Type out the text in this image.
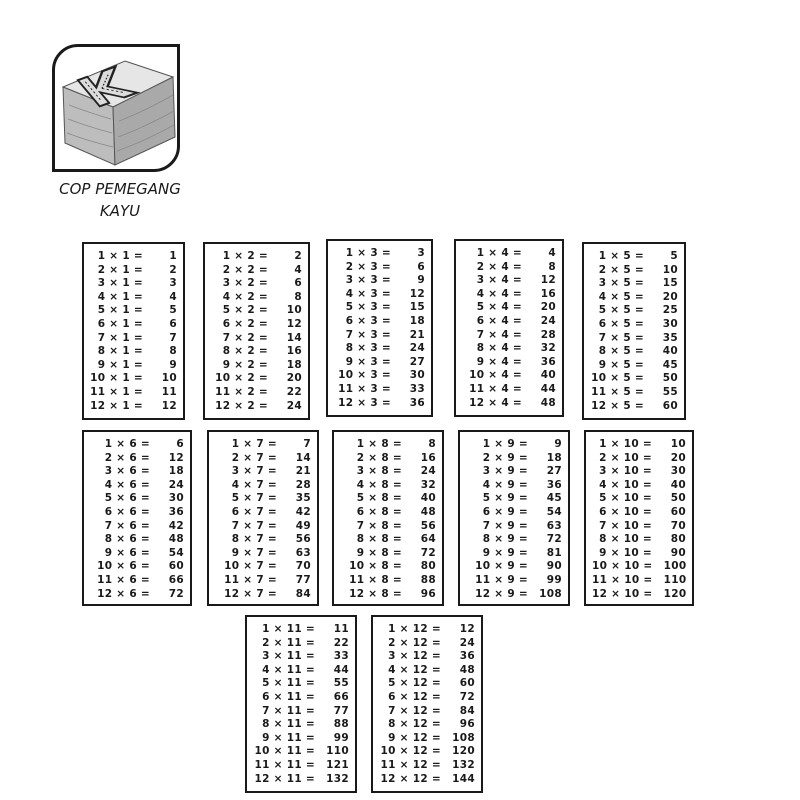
K
COP PEMEGANG
KAYU
1 × 1 =	1
2 × 1 =	2
3 × 1 =	3
4 × 1 =	4
5 × 1 =	5
6 × 1 =	6
7 × 1 =	7
8 × 1 =	8
9 × 1 =	9
10 × 1 =	10
11 × 1 =	11
12 × 1 =	12
1 × 2 =	2
2 × 2 =	4
3 × 2 =	6
4 × 2 =	8
5 × 2 =	10
6 × 2 =	12
7 × 2 =	14
8 × 2 =	16
9 × 2 =	18
10 × 2 =	20
11 × 2 =	22
12 × 2 =	24
1 × 3 =	3
2 × 3 =	6
3 × 3 =	9
4 × 3 =	12
5 × 3 =	15
6 × 3 =	18
7 × 3 =	21
8 × 3 =	24
9 × 3 =	27
10 × 3 =	30
11 × 3 =	33
12 × 3 =	36
1 × 4 =	4
2 × 4 =	8
3 × 4 =	12
4 × 4 =	16
5 × 4 =	20
6 × 4 =	24
7 × 4 =	28
8 × 4 =	32
9 × 4 =	36
10 × 4 =	40
11 × 4 =	44
12 × 4 =	48
1 × 5 =	5
2 × 5 =	10
3 × 5 =	15
4 × 5 =	20
5 × 5 =	25
6 × 5 =	30
7 × 5 =	35
8 × 5 =	40
9 × 5 =	45
10 × 5 =	50
11 × 5 =	55
12 × 5 =	60
1 × 6 =	6
2 × 6 =	12
3 × 6 =	18
4 × 6 =	24
5 × 6 =	30
6 × 6 =	36
7 × 6 =	42
8 × 6 =	48
9 × 6 =	54
10 × 6 =	60
11 × 6 =	66
12 × 6 =	72
1 × 7 =	7
2 × 7 =	14
3 × 7 =	21
4 × 7 =	28
5 × 7 =	35
6 × 7 =	42
7 × 7 =	49
8 × 7 =	56
9 × 7 =	63
10 × 7 =	70
11 × 7 =	77
12 × 7 =	84
1 × 8 =	8
2 × 8 =	16
3 × 8 =	24
4 × 8 =	32
5 × 8 =	40
6 × 8 =	48
7 × 8 =	56
8 × 8 =	64
9 × 8 =	72
10 × 8 =	80
11 × 8 =	88
12 × 8 =	96
1 × 9 =	9
2 × 9 =	18
3 × 9 =	27
4 × 9 =	36
5 × 9 =	45
6 × 9 =	54
7 × 9 =	63
8 × 9 =	72
9 × 9 =	81
10 × 9 =	90
11 × 9 =	99
12 × 9 =	108
1 × 10 =	10
2 × 10 =	20
3 × 10 =	30
4 × 10 =	40
5 × 10 =	50
6 × 10 =	60
7 × 10 =	70
8 × 10 =	80
9 × 10 =	90
10 × 10 =	100
11 × 10 =	110
12 × 10 =	120
1 × 11 =	11
2 × 11 =	22
3 × 11 =	33
4 × 11 =	44
5 × 11 =	55
6 × 11 =	66
7 × 11 =	77
8 × 11 =	88
9 × 11 =	99
10 × 11 =	110
11 × 11 =	121
12 × 11 =	132
1 × 12 =	12
2 × 12 =	24
3 × 12 =	36
4 × 12 =	48
5 × 12 =	60
6 × 12 =	72
7 × 12 =	84
8 × 12 =	96
9 × 12 =	108
10 × 12 =	120
11 × 12 =	132
12 × 12 =	144
